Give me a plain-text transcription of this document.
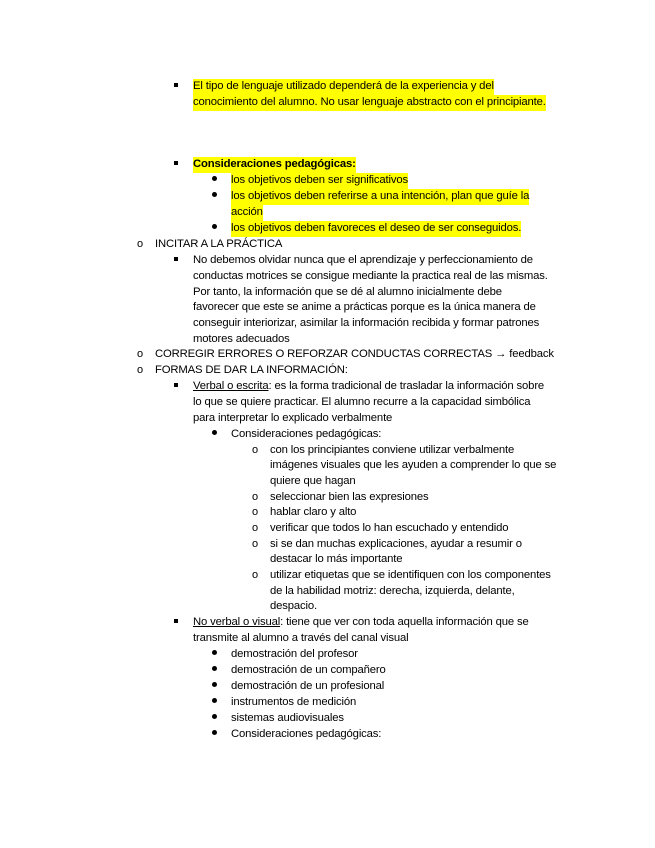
El tipo de lenguaje utilizado dependerá de la experiencia y del
conocimiento del alumno. No usar lenguaje abstracto con el principiante.
Consideraciones pedagógicas:
los objetivos deben ser significativos
los objetivos deben referirse a una intención, plan que guíe la
acción
los objetivos deben favoreces el deseo de ser conseguidos.
o INCITAR A LA PRÁCTICA
No debemos olvidar nunca que el aprendizaje y perfeccionamiento de
conductas motrices se consigue mediante la practica real de las mismas.
Por tanto, la información que se dé al alumno inicialmente debe
favorecer que este se anime a prácticas porque es la única manera de
conseguir interiorizar, asimilar la información recibida y formar patrones
motores adecuados
o CORREGIR ERRORES O REFORZAR CONDUCTAS CORRECTAS → feedback
o FORMAS DE DAR LA INFORMACIÓN:
Verbal o escrita: es la forma tradicional de trasladar la información sobre
lo que se quiere practicar. El alumno recurre a la capacidad simbólica
para interpretar lo explicado verbalmente
Consideraciones pedagógicas:
o con los principiantes conviene utilizar verbalmente
imágenes visuales que les ayuden a comprender lo que se
quiere que hagan
o seleccionar bien las expresiones
o hablar claro y alto
o verificar que todos lo han escuchado y entendido
o si se dan muchas explicaciones, ayudar a resumir o
destacar lo más importante
o utilizar etiquetas que se identifiquen con los componentes
de la habilidad motriz: derecha, izquierda, delante,
despacio.
No verbal o visual: tiene que ver con toda aquella información que se
transmite al alumno a través del canal visual
demostración del profesor
demostración de un compañero
demostración de un profesional
instrumentos de medición
sistemas audiovisuales
Consideraciones pedagógicas:
